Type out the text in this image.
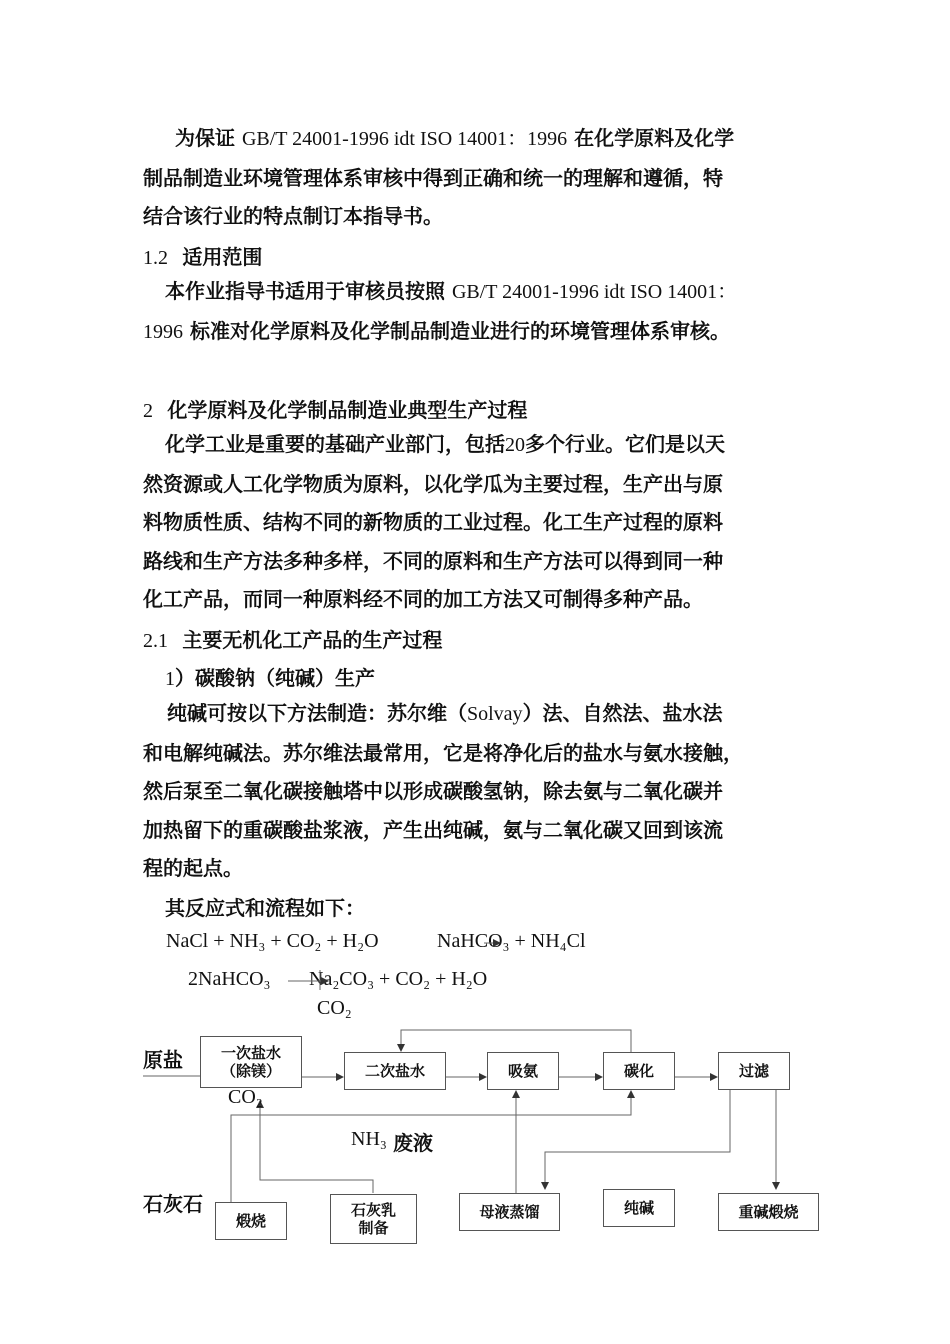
为保证 GB/T 24001-1996 idt ISO 14001：1996 在化学原料及化学
制品制造业环境管理体系审核中得到正确和统一的理解和遵循，特
结合该行业的特点制订本指导书。
1.2 适用范围
本作业指导书适用于审核员按照 GB/T 24001-1996 idt ISO 14001：
1996 标准对化学原料及化学制品制造业进行的环境管理体系审核。
2 化学原料及化学制品制造业典型生产过程
化学工业是重要的基础产业部门，包括20多个行业。它们是以天
然资源或人工化学物质为原料，以化学瓜为主要过程，生产出与原
料物质性质、结构不同的新物质的工业过程。化工生产过程的原料
路线和生产方法多种多样，不同的原料和生产方法可以得到同一种
化工产品，而同一种原料经不同的加工方法又可制得多种产品。
2.1 主要无机化工产品的生产过程
1）碳酸钠（纯碱）生产
纯碱可按以下方法制造：苏尔维（Solvay）法、自然法、盐水法
和电解纯碱法。苏尔维法最常用，它是将净化后的盐水与氨水接触，
然后泵至二氧化碳接触塔中以形成碳酸氢钠，除去氨与二氧化碳并
加热留下的重碳酸盐浆液，产生出纯碱，氨与二氧化碳又回到该流
程的起点。
其反应式和流程如下：
NaCl + NH₃ + CO₂ + H₂O	NaHCO₃ + NH₄Cl
2NaHCO₃ Na₂CO₃ + CO₂ + H₂O
CO₂
一次盐水
（除镁）	二次盐水	吸氨	碳化	过滤
煅烧
石灰乳
制备
母液蒸馏	纯碱	重碱煅烧
原盐
石灰石
CO₂
NH₃ 废液
